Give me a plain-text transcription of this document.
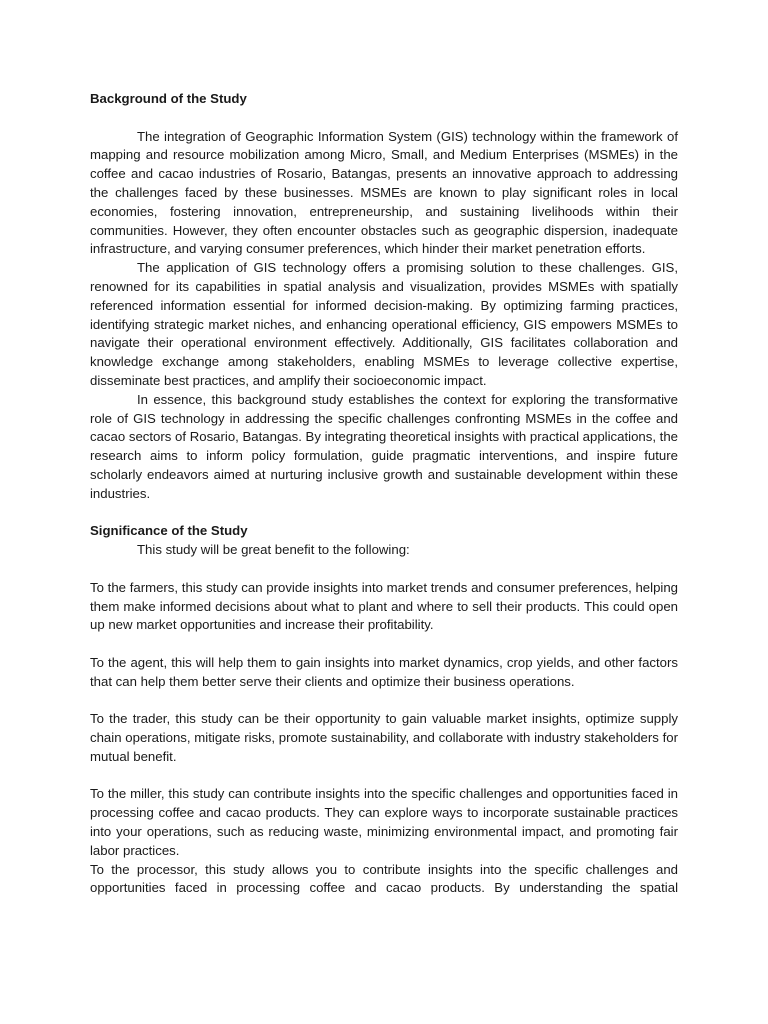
Background of the Study

The integration of Geographic Information System (GIS) technology within the framework of mapping and resource mobilization among Micro, Small, and Medium Enterprises (MSMEs) in the coffee and cacao industries of Rosario, Batangas, presents an innovative approach to addressing the challenges faced by these businesses. MSMEs are known to play significant roles in local economies, fostering innovation, entrepreneurship, and sustaining livelihoods within their communities. However, they often encounter obstacles such as geographic dispersion, inadequate infrastructure, and varying consumer preferences, which hinder their market penetration efforts.

The application of GIS technology offers a promising solution to these challenges. GIS, renowned for its capabilities in spatial analysis and visualization, provides MSMEs with spatially referenced information essential for informed decision-making. By optimizing farming practices, identifying strategic market niches, and enhancing operational efficiency, GIS empowers MSMEs to navigate their operational environment effectively. Additionally, GIS facilitates collaboration and knowledge exchange among stakeholders, enabling MSMEs to leverage collective expertise, disseminate best practices, and amplify their socioeconomic impact.

In essence, this background study establishes the context for exploring the transformative role of GIS technology in addressing the specific challenges confronting MSMEs in the coffee and cacao sectors of Rosario, Batangas. By integrating theoretical insights with practical applications, the research aims to inform policy formulation, guide pragmatic interventions, and inspire future scholarly endeavors aimed at nurturing inclusive growth and sustainable development within these industries.

Significance of the Study

This study will be great benefit to the following:

To the farmers, this study can provide insights into market trends and consumer preferences, helping them make informed decisions about what to plant and where to sell their products. This could open up new market opportunities and increase their profitability.

To the agent, this will help them to gain insights into market dynamics, crop yields, and other factors that can help them better serve their clients and optimize their business operations.

To the trader, this study can be their opportunity to gain valuable market insights, optimize supply chain operations, mitigate risks, promote sustainability, and collaborate with industry stakeholders for mutual benefit.

To the miller, this study can contribute insights into the specific challenges and opportunities faced in processing coffee and cacao products. They can explore ways to incorporate sustainable practices into your operations, such as reducing waste, minimizing environmental impact, and promoting fair labor practices.

To the processor, this study allows you to contribute insights into the specific challenges and opportunities faced in processing coffee and cacao products. By understanding the spatial
